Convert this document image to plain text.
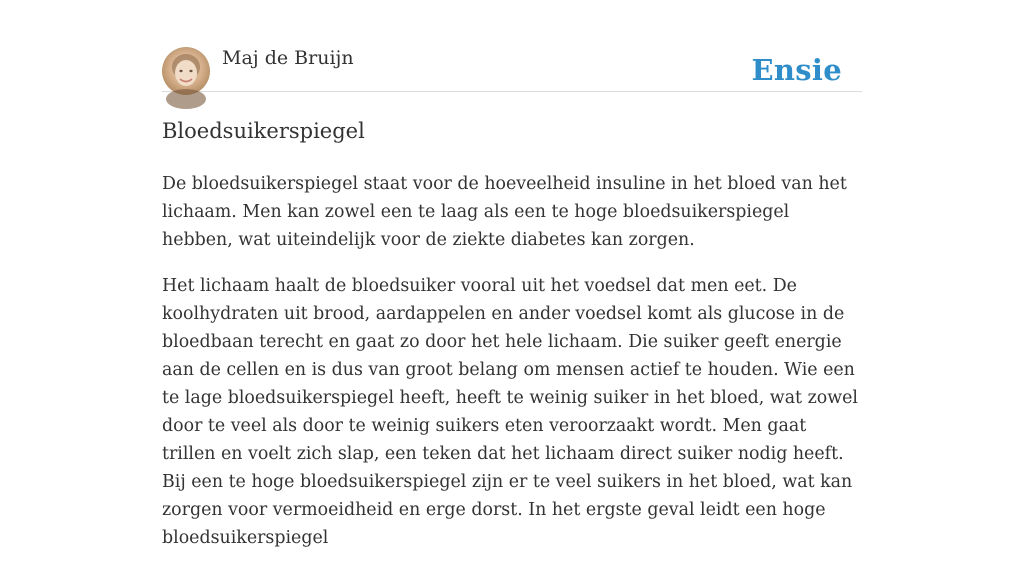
Maj de Bruijn	Ensie
Bloedsuikerspiegel

De bloedsuikerspiegel staat voor de hoeveelheid insuline in het bloed van het lichaam. Men kan zowel een te laag als een te hoge bloedsuikerspiegel hebben, wat uiteindelijk voor de ziekte diabetes kan zorgen.

Het lichaam haalt de bloedsuiker vooral uit het voedsel dat men eet. De koolhydraten uit brood, aardappelen en ander voedsel komt als glucose in de bloedbaan terecht en gaat zo door het hele lichaam. Die suiker geeft energie aan de cellen en is dus van groot belang om mensen actief te houden. Wie een te lage bloedsuikerspiegel heeft, heeft te weinig suiker in het bloed, wat zowel door te veel als door te weinig suikers eten veroorzaakt wordt. Men gaat trillen en voelt zich slap, een teken dat het lichaam direct suiker nodig heeft. Bij een te hoge bloedsuikerspiegel zijn er te veel suikers in het bloed, wat kan zorgen voor vermoeidheid en erge dorst. In het ergste geval leidt een hoge bloedsuikerspiegel
